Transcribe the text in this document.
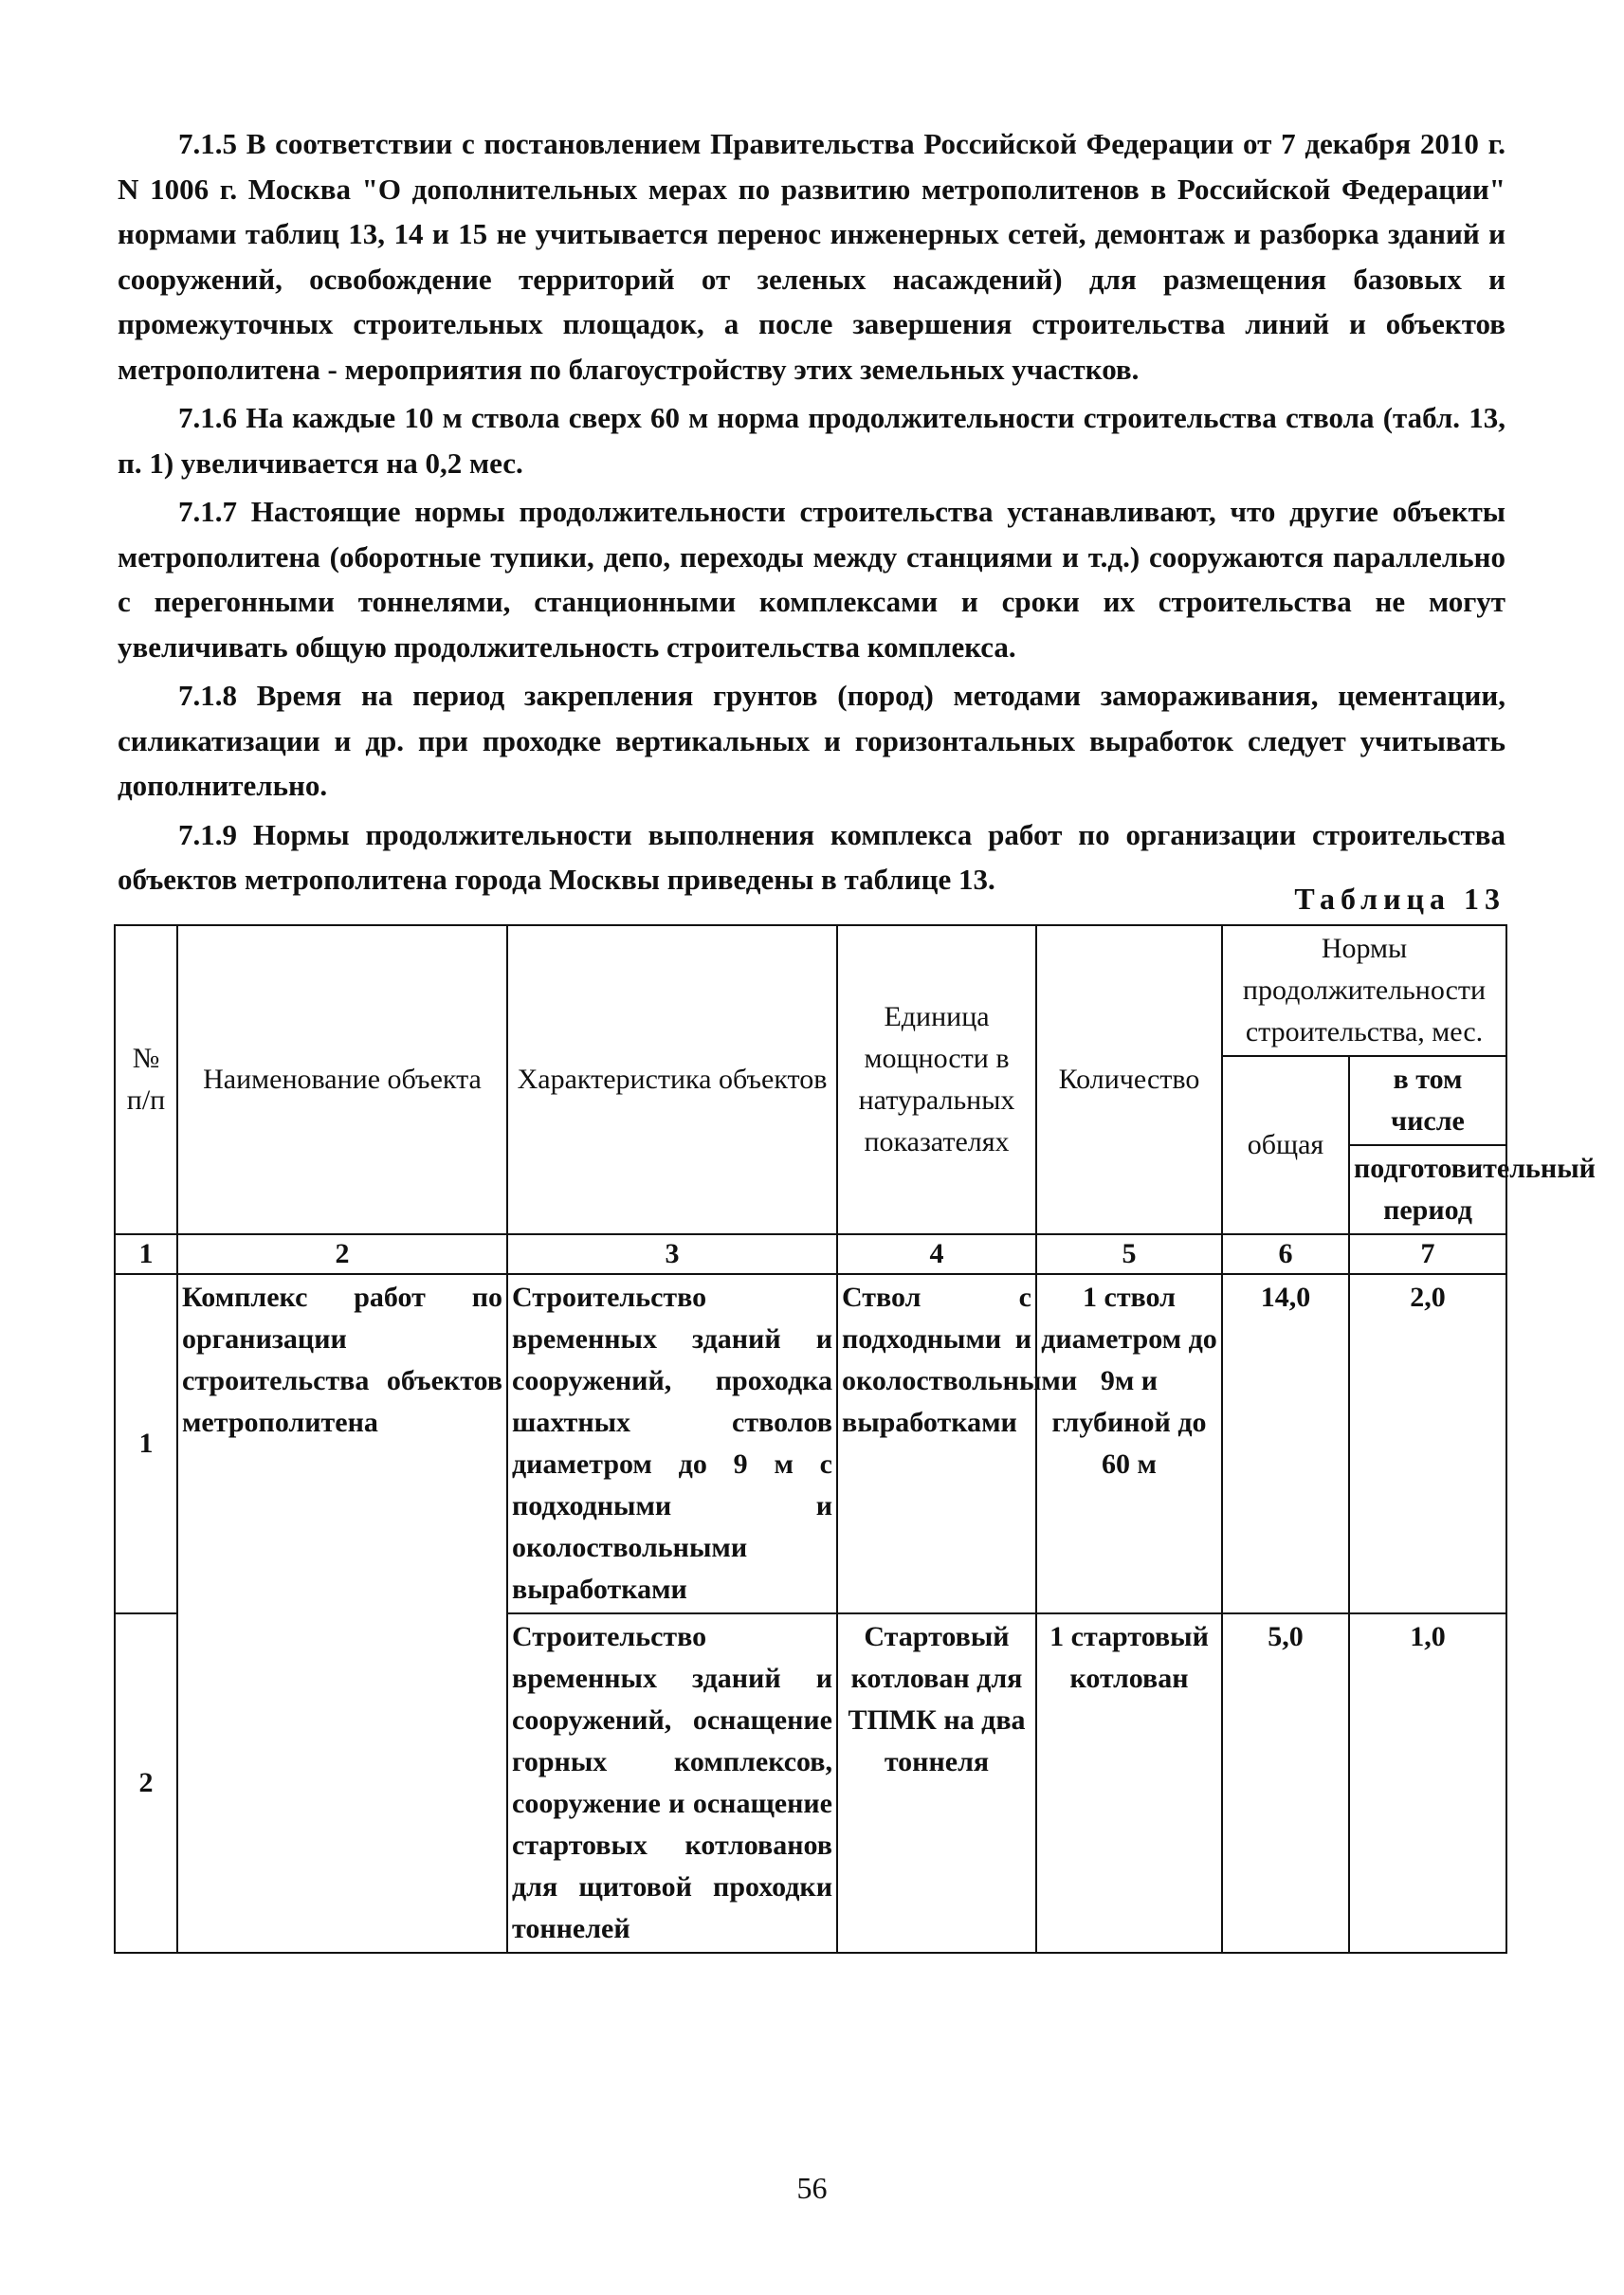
7.1.5 В соответствии с постановлением Правительства Российской Федерации от 7 декабря 2010 г. N 1006 г. Москва "О дополнительных мерах по развитию метрополитенов в Российской Федерации" нормами таблиц 13, 14 и 15 не учитывается перенос инженерных сетей, демонтаж и разборка зданий и сооружений, освобождение территорий от зеленых насаждений) для размещения базовых и промежуточных строительных площадок, а после завершения строительства линий и объектов метрополитена - мероприятия по благоустройству этих земельных участков.

7.1.6 На каждые 10 м ствола сверх 60 м норма продолжительности строительства ствола (табл. 13, п. 1) увеличивается на 0,2 мес.

7.1.7 Настоящие нормы продолжительности строительства устанавливают, что другие объекты метрополитена (оборотные тупики, депо, переходы между станциями и т.д.) сооружаются параллельно с перегонными тоннелями, станционными комплексами и сроки их строительства не могут увеличивать общую продолжительность строительства комплекса.

7.1.8 Время на период закрепления грунтов (пород) методами замораживания, цементации, силикатизации и др. при проходке вертикальных и горизонтальных выработок следует учитывать дополнительно.

7.1.9 Нормы продолжительности выполнения комплекса работ по организации строительства объектов метрополитена города Москвы приведены в таблице 13.

Таблица 13
№ п/п	Наименование объекта	Характеристика объектов	Единица мощности в натуральных показателях	Количество	Нормы продолжительности строительства, мес.	
					общая	в том числе
						подготовительный период
1	2	3	4	5	6	7
1	Комплекс работ по организации строительства объектов метрополитена	Строительство временных зданий и сооружений, проходка шахтных стволов диаметром до 9 м с подходными и околоствольными выработками	Ствол с подходными и околоствольными выработками	1 ствол диаметром до 9м и глубиной до 60 м	14,0	2,0
2		Строительство временных зданий и сооружений, оснащение горных комплексов, сооружение и оснащение стартовых котлованов для щитовой проходки тоннелей	Стартовый котлован для ТПМК на два тоннеля	1 стартовый котлован	5,0	1,0
56
